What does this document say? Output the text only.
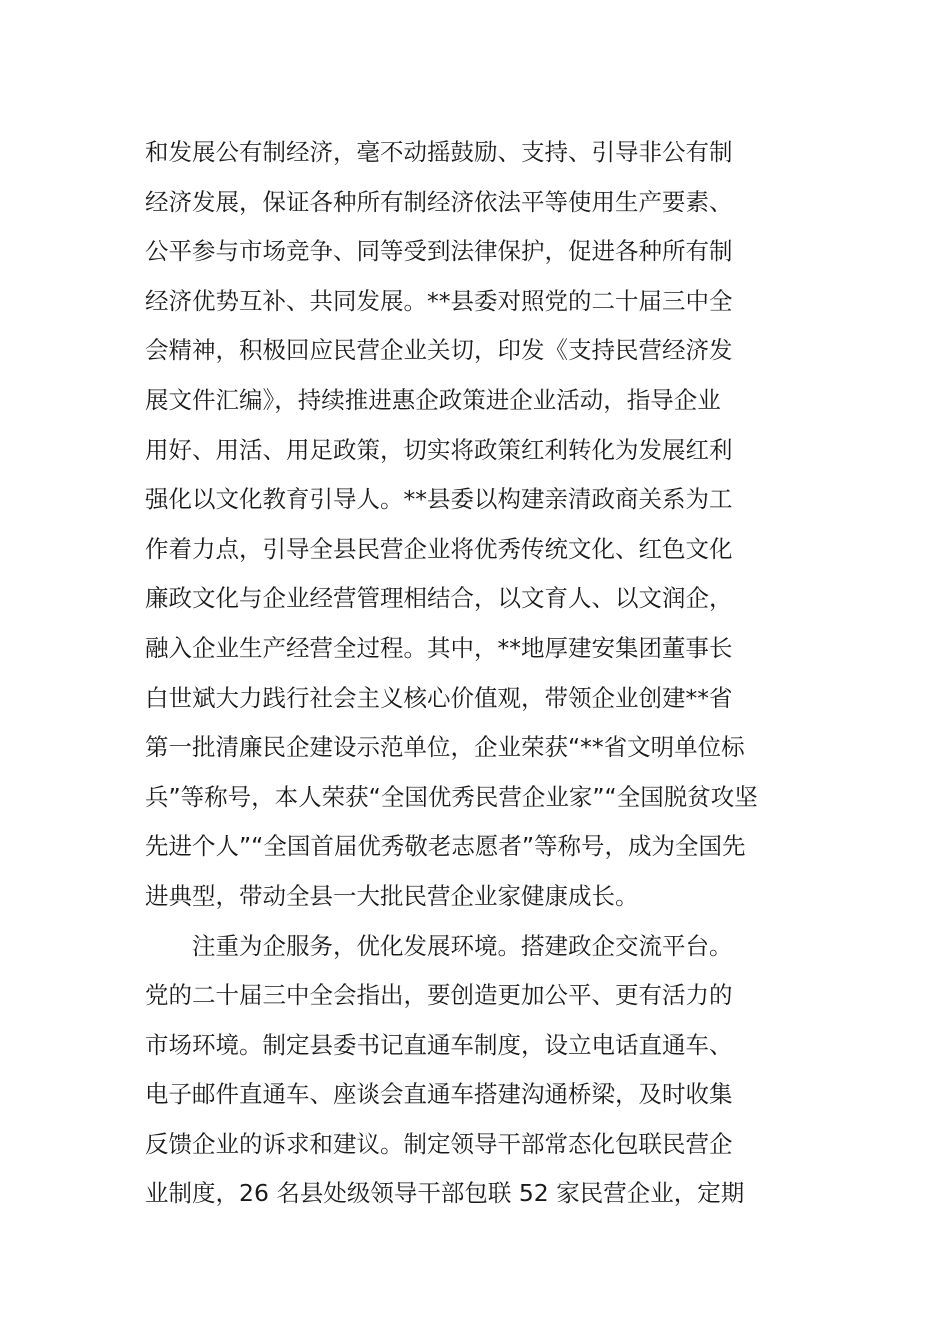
和发展公有制经济，毫不动摇鼓励、支持、引导非公有制
经济发展，保证各种所有制经济依法平等使用生产要素、
公平参与市场竞争、同等受到法律保护，促进各种所有制
经济优势互补、共同发展。**县委对照党的二十届三中全
会精神，积极回应民营企业关切，印发《支持民营经济发
展文件汇编》，持续推进惠企政策进企业活动，指导企业
用好、用活、用足政策，切实将政策红利转化为发展红利
强化以文化教育引导人。**县委以构建亲清政商关系为工
作着力点，引导全县民营企业将优秀传统文化、红色文化
廉政文化与企业经营管理相结合，以文育人、以文润企，
融入企业生产经营全过程。其中，**地厚建安集团董事长
白世斌大力践行社会主义核心价值观，带领企业创建**省
第一批清廉民企建设示范单位，企业荣获“**省文明单位标
兵”等称号，本人荣获“全国优秀民营企业家”“全国脱贫攻坚
先进个人”“全国首届优秀敬老志愿者”等称号，成为全国先
进典型，带动全县一大批民营企业家健康成长。
注重为企服务，优化发展环境。搭建政企交流平台。
党的二十届三中全会指出，要创造更加公平、更有活力的
市场环境。制定县委书记直通车制度，设立电话直通车、
电子邮件直通车、座谈会直通车搭建沟通桥梁，及时收集
反馈企业的诉求和建议。制定领导干部常态化包联民营企
业制度，26 名县处级领导干部包联 52 家民营企业，定期
